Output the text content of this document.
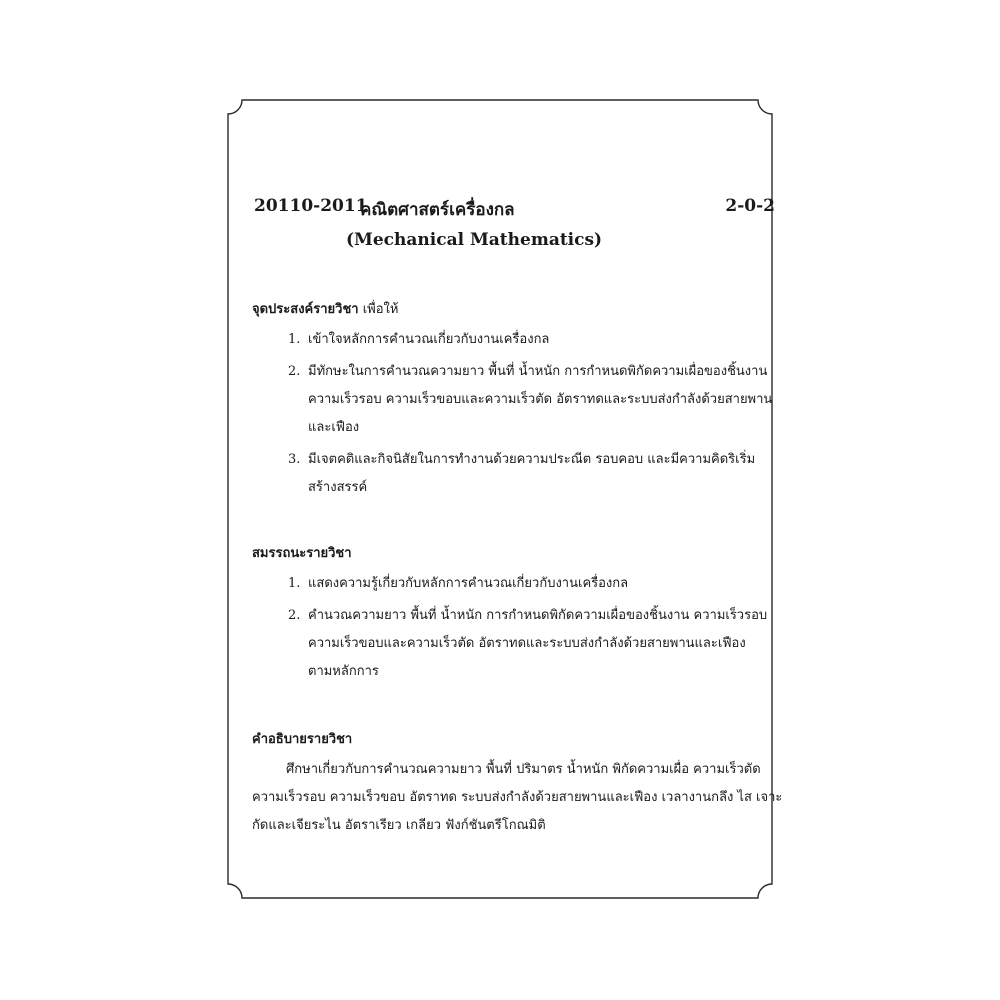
20110-2011
คณิตศาสตร์เครื่องกล	2-0-2
(Mechanical Mathematics)
จุดประสงค์รายวิชา เพื่อให้
1. เข้าใจหลักการคำนวณเกี่ยวกับงานเครื่องกล
2. มีทักษะในการคำนวณความยาว พื้นที่ น้ำหนัก การกำหนดพิกัดความเผื่อของชิ้นงาน
ความเร็วรอบ ความเร็วขอบและความเร็วตัด อัตราทดและระบบส่งกำลังด้วยสายพาน
และเฟือง
3. มีเจตคติและกิจนิสัยในการทำงานด้วยความประณีต รอบคอบ และมีความคิดริเริ่ม
สร้างสรรค์
สมรรถนะรายวิชา
1. แสดงความรู้เกี่ยวกับหลักการคำนวณเกี่ยวกับงานเครื่องกล
2. คำนวณความยาว พื้นที่ น้ำหนัก การกำหนดพิกัดความเผื่อของชิ้นงาน ความเร็วรอบ
ความเร็วขอบและความเร็วตัด อัตราทดและระบบส่งกำลังด้วยสายพานและเฟือง
ตามหลักการ
คำอธิบายรายวิชา
ศึกษาเกี่ยวกับการคำนวณความยาว พื้นที่ ปริมาตร น้ำหนัก พิกัดความเผื่อ ความเร็วตัด
ความเร็วรอบ ความเร็วขอบ อัตราทด ระบบส่งกำลังด้วยสายพานและเฟือง เวลางานกลึง ไส เจาะ
กัดและเจียระไน อัตราเรียว เกลียว ฟังก์ชันตรีโกณมิติ
